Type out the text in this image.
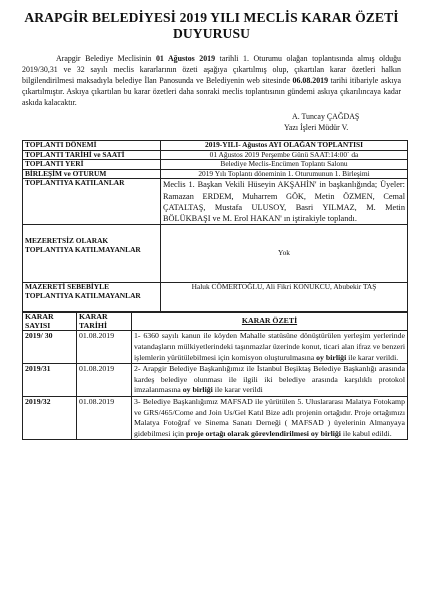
ARAPGİR BELEDİYESİ 2019 YILI MECLİS KARAR ÖZETİ
DUYURUSU

Arapgir Belediye Meclisinin 01 Ağustos 2019 tarihli 1. Oturumu olağan toplantısında almış olduğu 2019/30,31 ve 32 sayılı meclis kararlarının özeti aşağıya çıkartılmış olup, çıkartılan karar özetleri halkın bilgilendirilmesi maksadıyla belediye İlan Panosunda ve Belediyenin web sitesinde 06.08.2019 tarihi itibariyle askıya çıkartılmıştır. Askıya çıkartılan bu karar özetleri daha sonraki meclis toplantısının gündemi askıya çıkarılıncaya kadar askıda kalacaktır.

A. Tuncay ÇAĞDAŞ
Yazı İşleri Müdür V.
TOPLANTI DÖNEMİ	2019-YILI- Ağustos AYI OLAĞAN TOPLANTISI
TOPLANTI TARİHİ ve SAATİ	01 Ağustos 2019 Perşembe Günü SAAT:14:00` da
TOPLANTI YERİ	Belediye Meclis-Encümen Toplantı Salonu
BİRLEŞİM ve OTURUM	2019 Yılı Toplantı döneminin 1. Oturumunun 1. Birleşimi
TOPLANTIYA KATILANLAR	Meclis 1. Başkan Vekili Hüseyin AKŞAHİN' in başkanlığında; Üyeler: Ramazan ERDEM, Muharrem GÖK, Metin ÖZMEN, Cemal ÇATALTAŞ, Mustafa ULUSOY, Basri YILMAZ, M. Metin BÖLÜKBAŞI ve M. Erol HAKAN' ın iştirakiyle toplandı.
MEZERETSİZ OLARAK TOPLANTIYA KATILMAYANLAR	Yok
MAZERETİ SEBEBİYLE TOPLANTIYA KATILMAYANLAR	Haluk CÖMERTOĞLU, Ali Fikri KONUKCU, Abubekir TAŞ
KARAR SAYISI	KARAR TARİHİ	KARAR ÖZETİ
2019/ 30	01.08.2019	1- 6360 sayılı kanun ile köyden Mahalle statüsüne dönüştürülen yerleşim yerlerinde vatandaşların mülkiyetlerindeki taşınmazlar üzerinde konut, ticari alan ifraz ve benzeri işlemlerin yürütülebilmesi için komisyon oluşturulmasına oy birliği ile karar verildi.
2019/31	01.08.2019	2- Arapgir Belediye Başkanlığımız ile İstanbul Beşiktaş Belediye Başkanlığı arasında kardeş belediye olunması ile ilgili iki belediye arasında karşılıklı protokol imzalanmasına oy birliği ile karar verildi
2019/32	01.08.2019	3- Belediye Başkanlığımız MAFSAD ile yürütülen 5. Uluslararası Malatya Fotokamp ve GRS/465/Come and Join Us/Gel Katıl Bize adlı projenin ortağıdır. Proje ortağımızı Malatya Fotoğraf ve Sinema Sanatı Derneği ( MAFSAD ) üyelerinin Almanyaya gidebilmesi için proje ortağı olarak görevlendirilmesi oy birliği ile kabul edildi.
